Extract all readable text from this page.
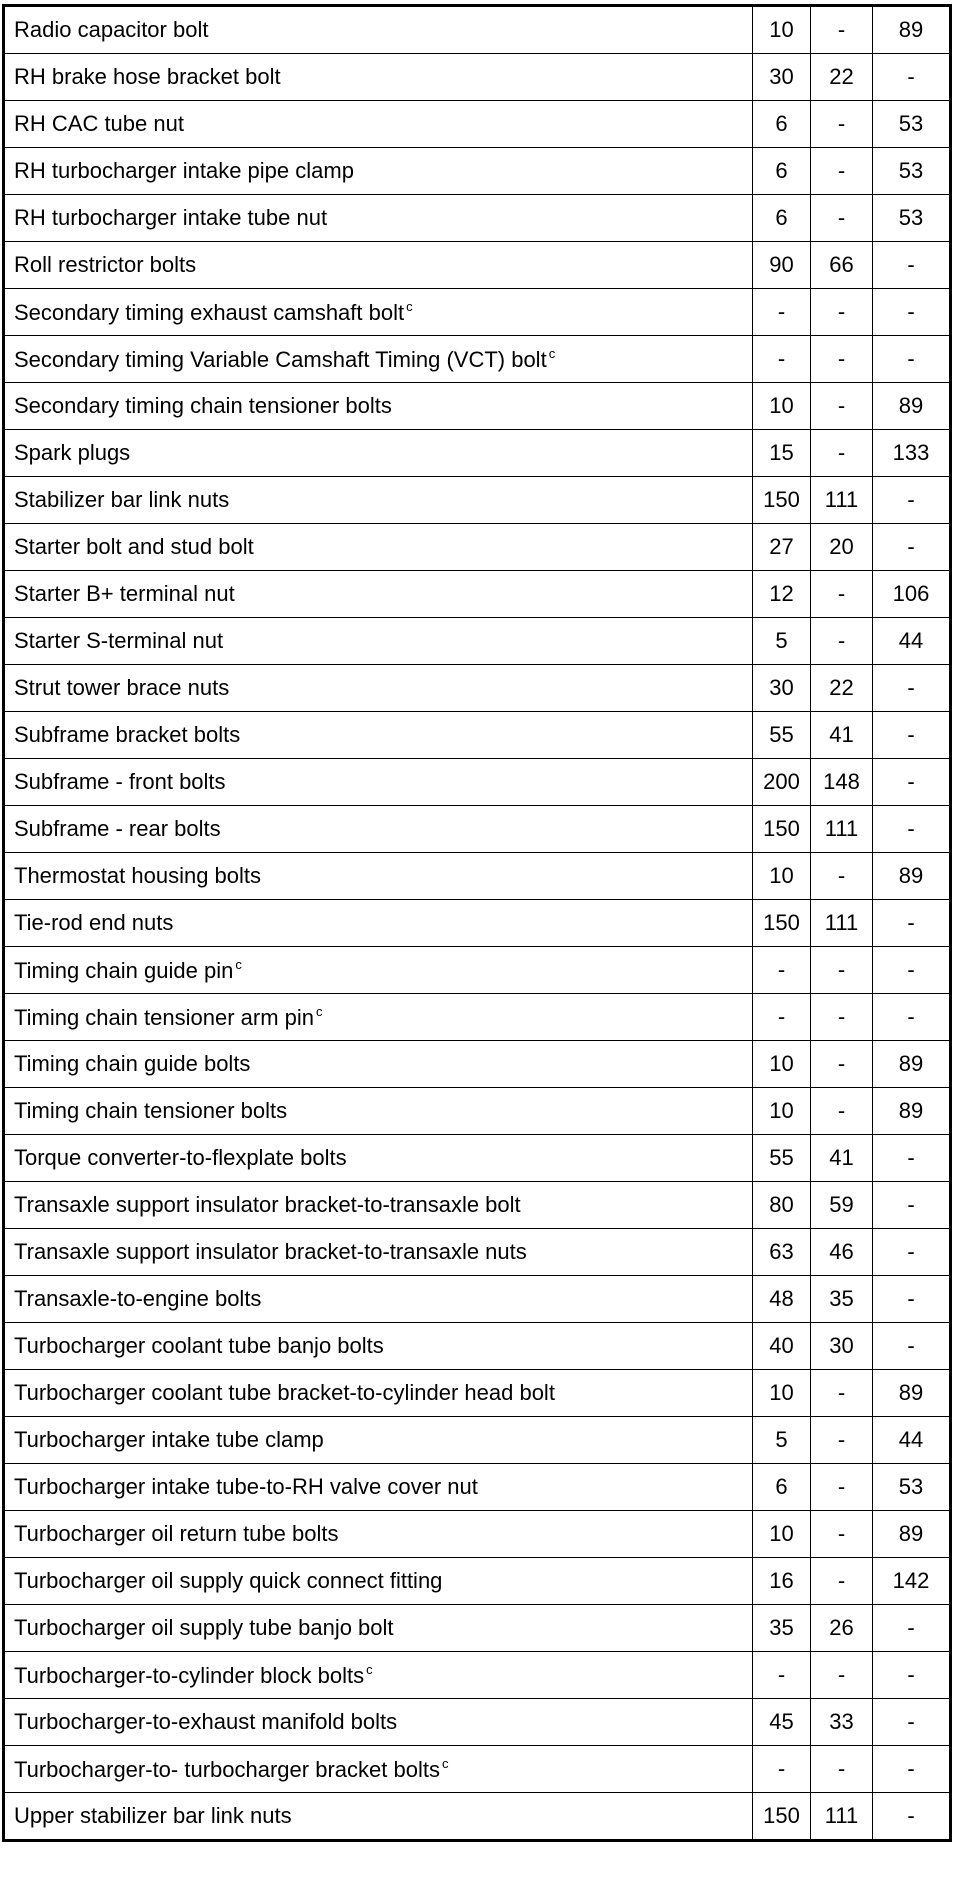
Radio capacitor bolt	10	-	89
RH brake hose bracket bolt	30	22	-
RH CAC tube nut	6	-	53
RH turbocharger intake pipe clamp	6	-	53
RH turbocharger intake tube nut	6	-	53
Roll restrictor bolts	90	66	-
Secondary timing exhaust camshaft bolt $^c$	-	-	-
Secondary timing Variable Camshaft Timing (VCT) bolt $^c$	-	-	-
Secondary timing chain tensioner bolts	10	-	89
Spark plugs	15	-	133
Stabilizer bar link nuts	150	111	-
Starter bolt and stud bolt	27	20	-
Starter B+ terminal nut	12	-	106
Starter S-terminal nut	5	-	44
Strut tower brace nuts	30	22	-
Subframe bracket bolts	55	41	-
Subframe - front bolts	200	148	-
Subframe - rear bolts	150	111	-
Thermostat housing bolts	10	-	89
Tie-rod end nuts	150	111	-
Timing chain guide pin $^c$	-	-	-
Timing chain tensioner arm pin $^c$	-	-	-
Timing chain guide bolts	10	-	89
Timing chain tensioner bolts	10	-	89
Torque converter-to-flexplate bolts	55	41	-
Transaxle support insulator bracket-to-transaxle bolt	80	59	-
Transaxle support insulator bracket-to-transaxle nuts	63	46	-
Transaxle-to-engine bolts	48	35	-
Turbocharger coolant tube banjo bolts	40	30	-
Turbocharger coolant tube bracket-to-cylinder head bolt	10	-	89
Turbocharger intake tube clamp	5	-	44
Turbocharger intake tube-to-RH valve cover nut	6	-	53
Turbocharger oil return tube bolts	10	-	89
Turbocharger oil supply quick connect fitting	16	-	142
Turbocharger oil supply tube banjo bolt	35	26	-
Turbocharger-to-cylinder block bolts $^c$	-	-	-
Turbocharger-to-exhaust manifold bolts	45	33	-
Turbocharger-to- turbocharger bracket bolts $^c$	-	-	-
Upper stabilizer bar link nuts	150	111	-
